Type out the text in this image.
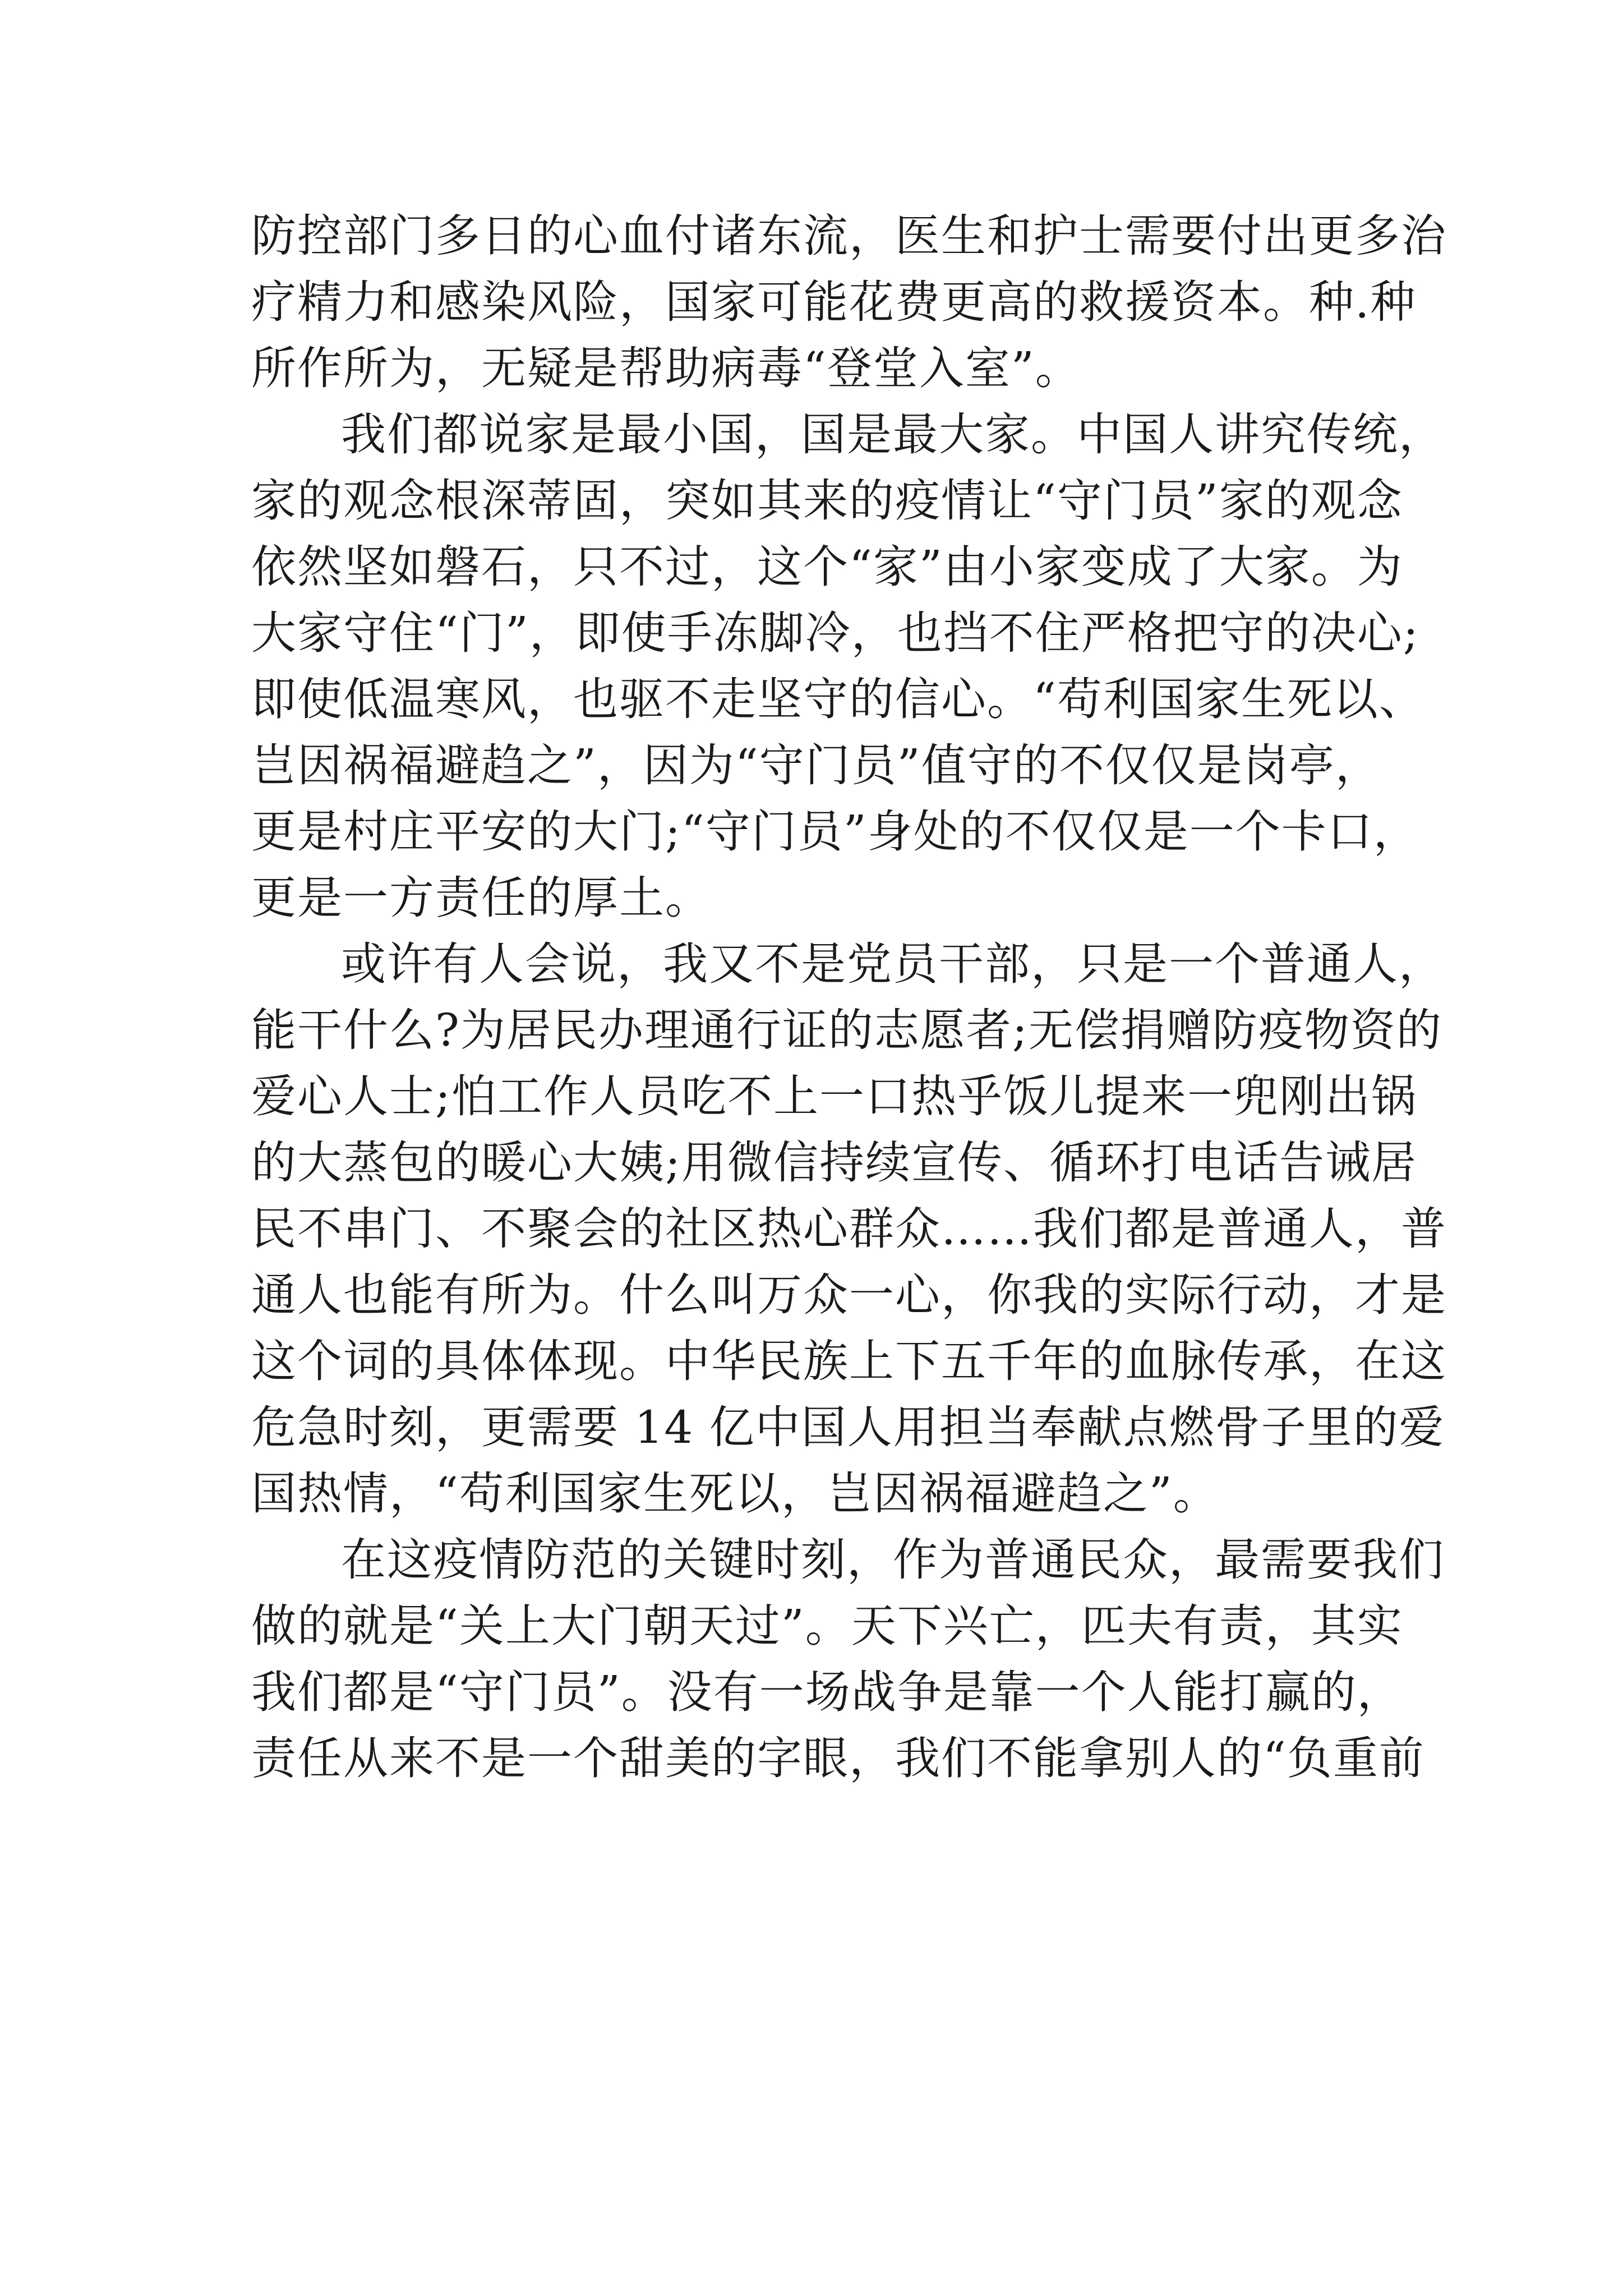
防控部门多日的心血付诸东流，医生和护士需要付出更多治
疗精力和感染风险，国家可能花费更高的救援资本。种.种
所作所为，无疑是帮助病毒“登堂入室”。
我们都说家是最小国，国是最大家。中国人讲究传统，
家的观念根深蒂固，突如其来的疫情让“守门员”家的观念
依然坚如磐石，只不过，这个“家”由小家变成了大家。为
大家守住“门”，即使手冻脚冷，也挡不住严格把守的决心;
即使低温寒风，也驱不走坚守的信心。“苟利国家生死以、
岂因祸福避趋之”，因为“守门员”值守的不仅仅是岗亭，
更是村庄平安的大门;“守门员”身处的不仅仅是一个卡口，
更是一方责任的厚土。
或许有人会说，我又不是党员干部，只是一个普通人，
能干什么?为居民办理通行证的志愿者;无偿捐赠防疫物资的
爱心人士;怕工作人员吃不上一口热乎饭儿提来一兜刚出锅
的大蒸包的暖心大姨;用微信持续宣传、循环打电话告诫居
民不串门、不聚会的社区热心群众……我们都是普通人，普
通人也能有所为。什么叫万众一心，你我的实际行动，才是
这个词的具体体现。中华民族上下五千年的血脉传承，在这
危急时刻，更需要 14 亿中国人用担当奉献点燃骨子里的爱
国热情，“苟利国家生死以，岂因祸福避趋之”。
在这疫情防范的关键时刻，作为普通民众，最需要我们
做的就是“关上大门朝天过”。天下兴亡，匹夫有责，其实
我们都是“守门员”。没有一场战争是靠一个人能打赢的，
责任从来不是一个甜美的字眼，我们不能拿别人的“负重前
